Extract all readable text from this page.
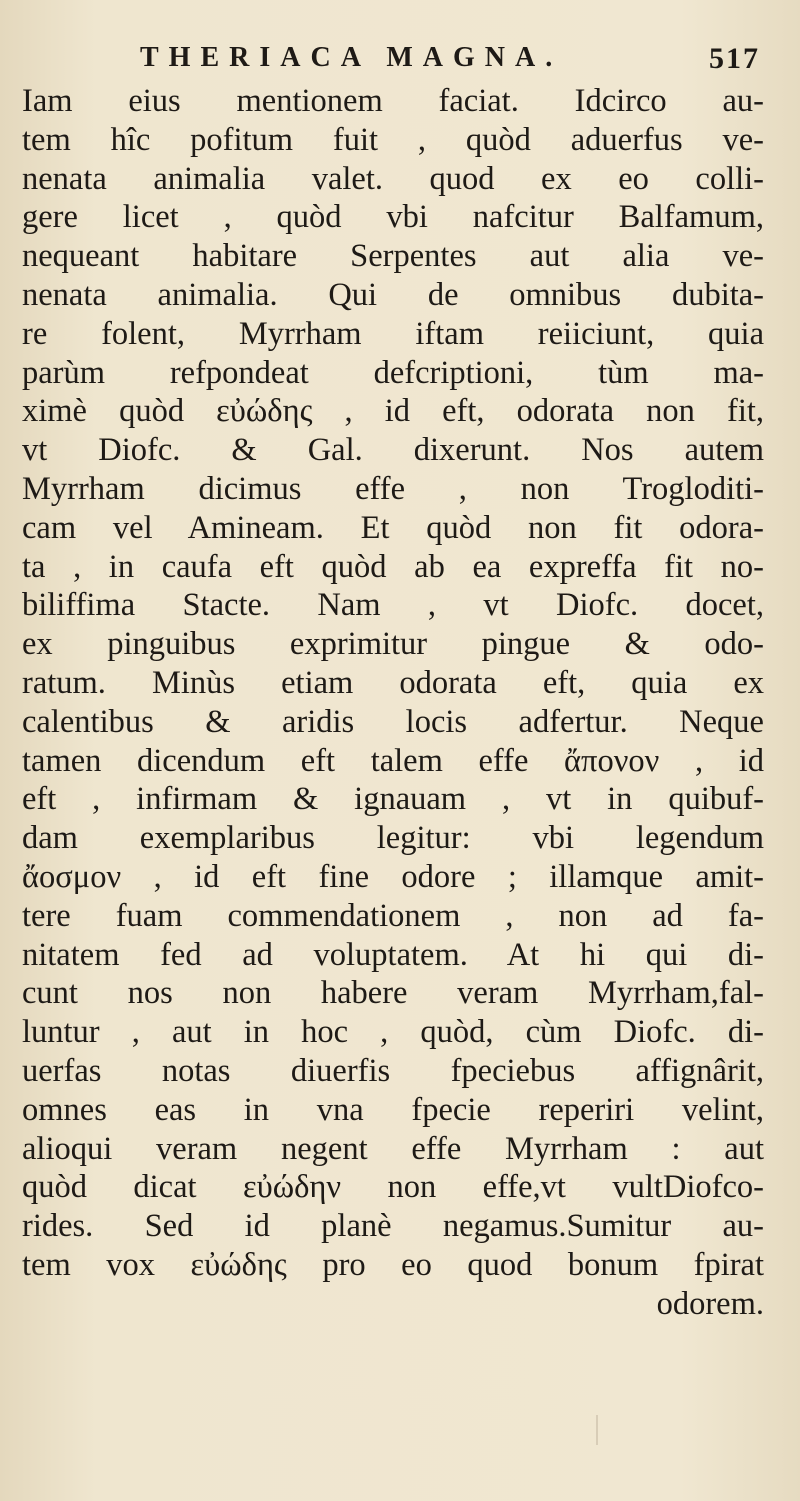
THERIACA MAGNA.	517
Iam eius mentionem faciat. Idcirco au-
tem hîc pofitum fuit , quòd aduerfus ve-
nenata animalia valet. quod ex eo colli-
gere licet , quòd vbi nafcitur Balfamum,
nequeant habitare Serpentes aut alia ve-
nenata animalia. Qui de omnibus dubita-
re folent, Myrrham iftam reiiciunt, quia
parùm refpondeat defcriptioni, tùm ma-
ximè quòd εὐώδης , id eft, odorata non fit,
vt Diofc. & Gal. dixerunt. Nos autem
Myrrham dicimus effe , non Trogloditi-
cam vel Amineam. Et quòd non fit odora-
ta , in caufa eft quòd ab ea expreffa fit no-
biliffima Stacte. Nam , vt Diofc. docet,
ex pinguibus exprimitur pingue & odo-
ratum. Minùs etiam odorata eft, quia ex
calentibus & aridis locis adfertur. Neque
tamen dicendum eft talem effe ἄπονον , id
eft , infirmam & ignauam , vt in quibuf-
dam exemplaribus legitur: vbi legendum
ἄοσμον , id eft fine odore ; illamque amit-
tere fuam commendationem , non ad fa-
nitatem fed ad voluptatem. At hi qui di-
cunt nos non habere veram Myrrham,fal-
luntur , aut in hoc , quòd, cùm Diofc. di-
uerfas notas diuerfis fpeciebus affignârit,
omnes eas in vna fpecie reperiri velint,
alioqui veram negent effe Myrrham : aut
quòd dicat εὐώδην non effe,vt vultDiofco-
rides. Sed id planè negamus.Sumitur au-
tem vox εὐώδης pro eo quod bonum fpirat
odorem.
